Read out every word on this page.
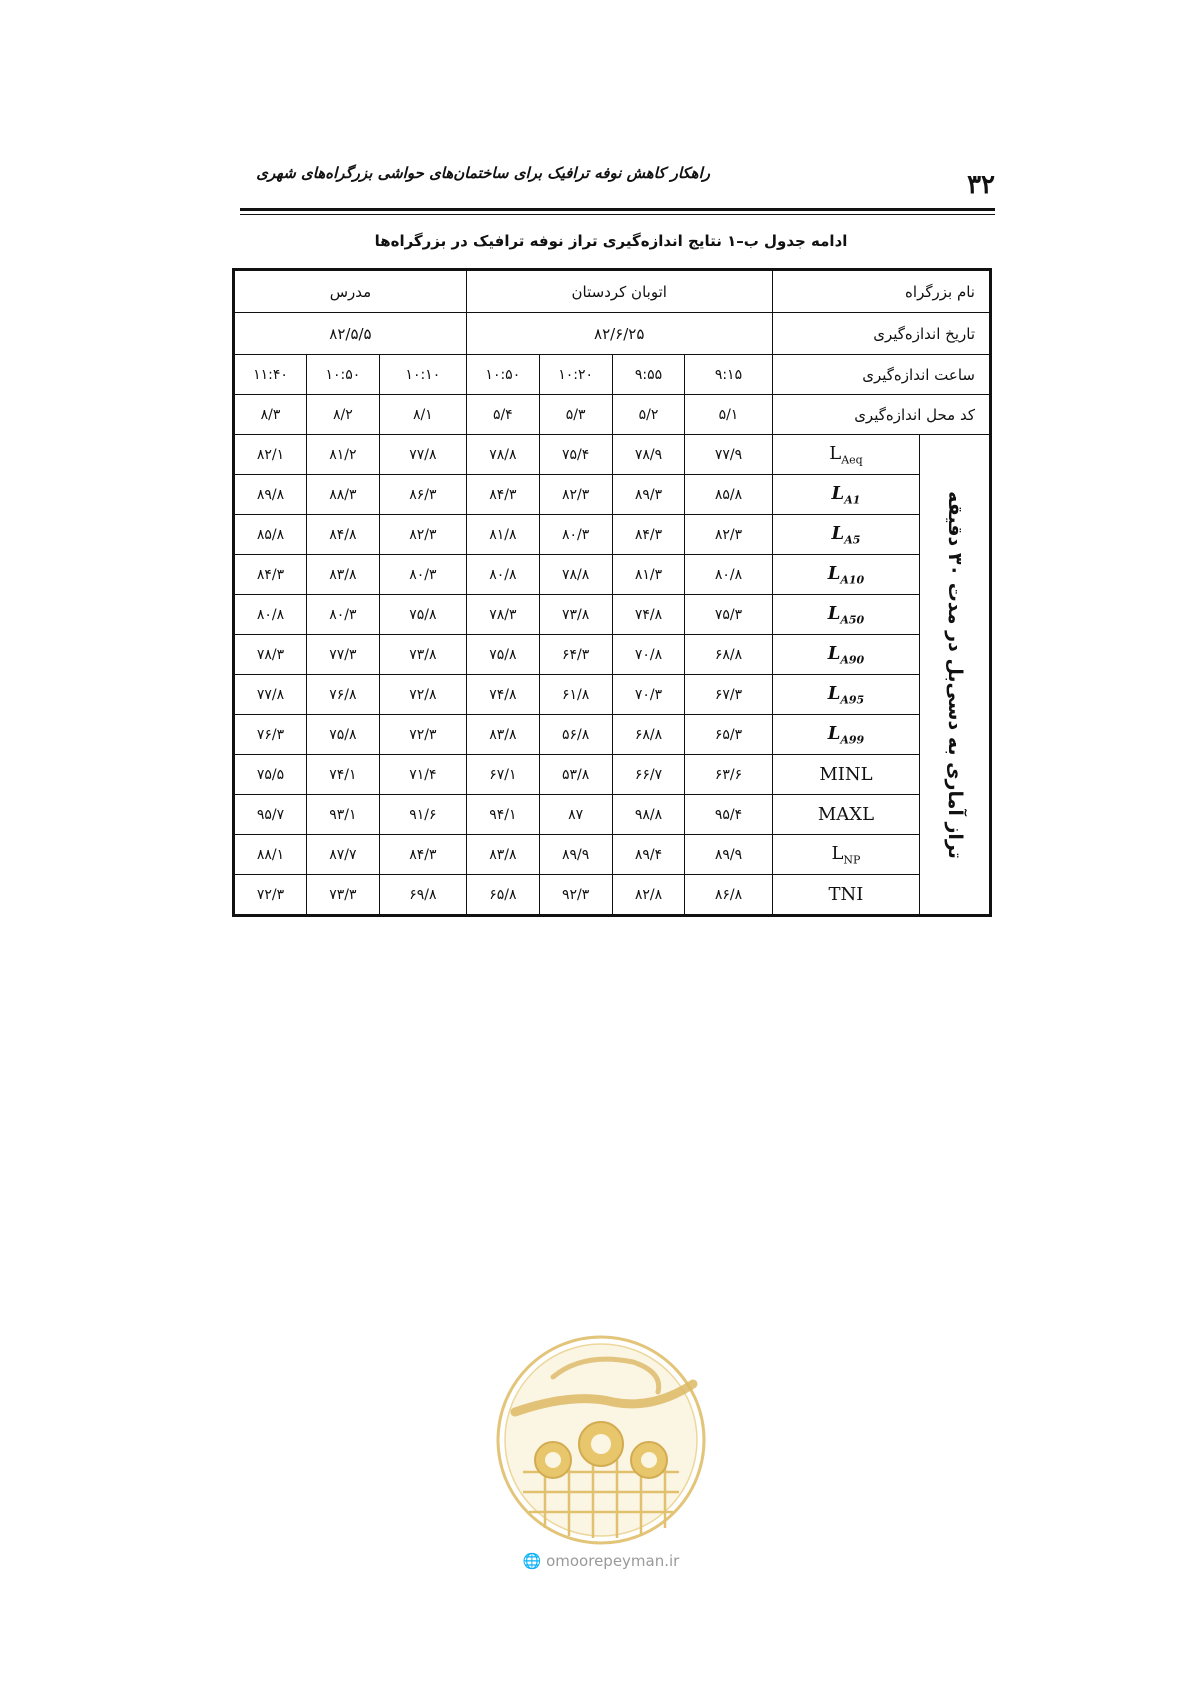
راهکار کاهش نوفه ترافیک برای ساختمان‌های حواشی بزرگراه‌های شهری	۳۲
ادامه جدول ب–۱ نتایج اندازه‌گیری تراز نوفه ترافیک در بزرگراه‌ها
نام بزرگراه		اتوبان کردستان				مدرس		
تاریخ اندازه‌گیری		۸۲/۶/۲۵				۸۲/۵/۵		
ساعت اندازه‌گیری		۹:۱۵	۹:۵۵	۱۰:۲۰	۱۰:۵۰	۱۰:۱۰	۱۰:۵۰	۱۱:۴۰
کد محل اندازه‌گیری		۵/۱	۵/۲	۵/۳	۵/۴	۸/۱	۸/۲	۸/۳

تراز آماری به دسی‌بل در مدت ۳۰ دقیقه	$L_{Aeq}$	۷۷/۹	۷۸/۹	۷۵/۴	۷۸/۸	۷۷/۸	۸۱/۲	۸۲/۱
	$L_{A1}$	۸۵/۸	۸۹/۳	۸۲/۳	۸۴/۳	۸۶/۳	۸۸/۳	۸۹/۸
	$L_{A5}$	۸۲/۳	۸۴/۳	۸۰/۳	۸۱/۸	۸۲/۳	۸۴/۸	۸۵/۸
	$L_{A10}$	۸۰/۸	۸۱/۳	۷۸/۸	۸۰/۸	۸۰/۳	۸۳/۸	۸۴/۳
	$L_{A50}$	۷۵/۳	۷۴/۸	۷۳/۸	۷۸/۳	۷۵/۸	۸۰/۳	۸۰/۸
	$L_{A90}$	۶۸/۸	۷۰/۸	۶۴/۳	۷۵/۸	۷۳/۸	۷۷/۳	۷۸/۳
	$L_{A95}$	۶۷/۳	۷۰/۳	۶۱/۸	۷۴/۸	۷۲/۸	۷۶/۸	۷۷/۸
	$L_{A99}$	۶۵/۳	۶۸/۸	۵۶/۸	۸۳/۸	۷۲/۳	۷۵/۸	۷۶/۳
	MINL	۶۳/۶	۶۶/۷	۵۳/۸	۶۷/۱	۷۱/۴	۷۴/۱	۷۵/۵
	MAXL	۹۵/۴	۹۸/۸	۸۷	۹۴/۱	۹۱/۶	۹۳/۱	۹۵/۷
	$L_{NP}$	۸۹/۹	۸۹/۴	۸۹/۹	۸۳/۸	۸۴/۳	۸۷/۷	۸۸/۱
	TNI	۸۶/۸	۸۲/۸	۹۲/۳	۶۵/۸	۶۹/۸	۷۳/۳	۷۲/۳
🌐 omoorepeyman.ir
